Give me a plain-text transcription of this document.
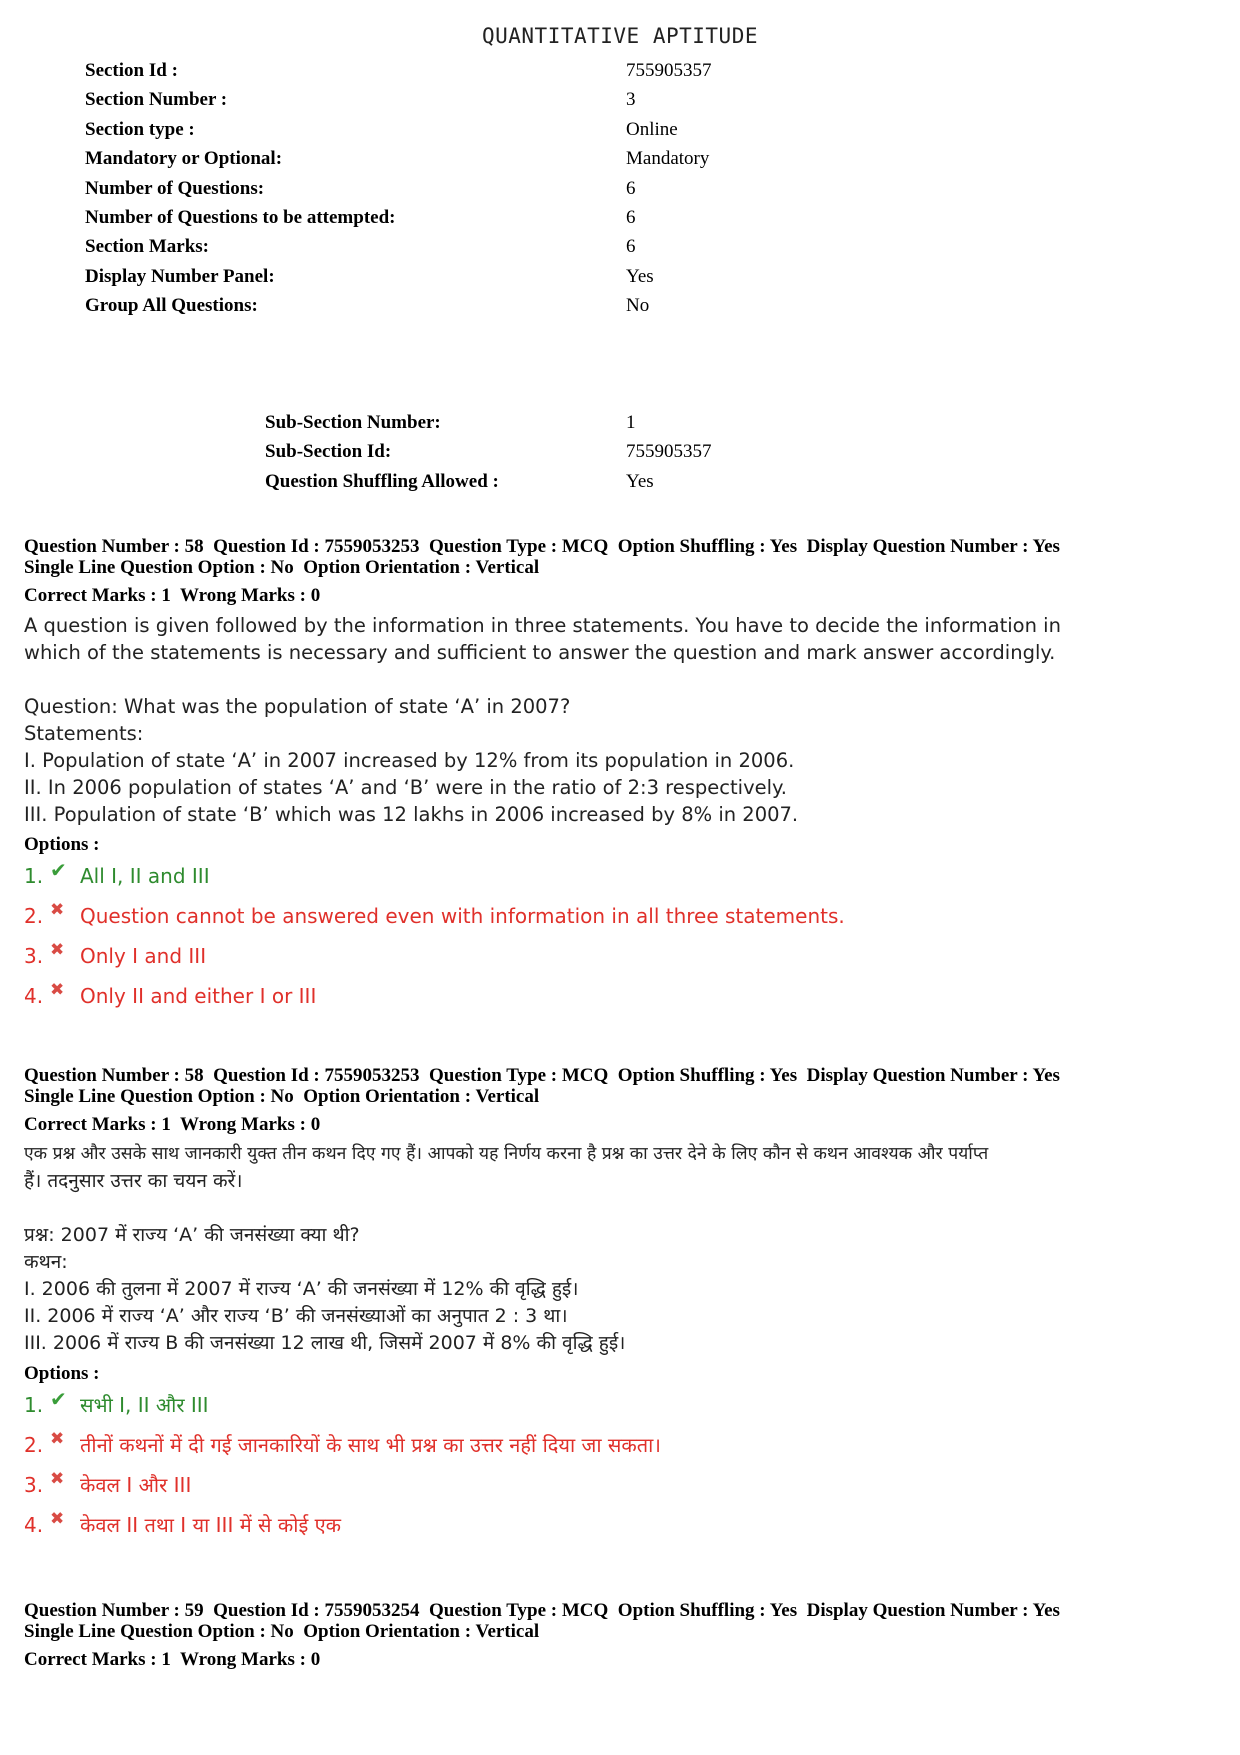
QUANTITATIVE APTITUDE
Section Id :	755905357
Section Number :	3
Section type :	Online
Mandatory or Optional:	Mandatory
Number of Questions:	6
Number of Questions to be attempted:	6
Section Marks:	6
Display Number Panel:	Yes
Group All Questions:	No
Sub-Section Number:	1
Sub-Section Id:	755905357
Question Shuffling Allowed :	Yes
Question Number : 58  Question Id : 7559053253  Question Type : MCQ  Option Shuffling : Yes  Display Question Number : Yes
Single Line Question Option : No  Option Orientation : Vertical
Correct Marks : 1  Wrong Marks : 0
A question is given followed by the information in three statements. You have to decide the information in
which of the statements is necessary and sufficient to answer the question and mark answer accordingly.
Question: What was the population of state ‘A’ in 2007?
Statements:
I. Population of state ‘A’ in 2007 increased by 12% from its population in 2006.
II. In 2006 population of states ‘A’ and ‘B’ were in the ratio of 2:3 respectively.
III. Population of state ‘B’ which was 12 lakhs in 2006 increased by 8% in 2007.
Options :
1. ✔ All I, II and III
2. ✖ Question cannot be answered even with information in all three statements.
3. ✖ Only I and III
4. ✖ Only II and either I or III
Question Number : 58  Question Id : 7559053253  Question Type : MCQ  Option Shuffling : Yes  Display Question Number : Yes
Single Line Question Option : No  Option Orientation : Vertical
Correct Marks : 1  Wrong Marks : 0
एक प्रश्न और उसके साथ जानकारी युक्त तीन कथन दिए गए हैं। आपको यह निर्णय करना है प्रश्न का उत्तर देने के लिए कौन से कथन आवश्यक और पर्याप्त
हैं। तदनुसार उत्तर का चयन करें।
प्रश्न: 2007 में राज्य ‘A’ की जनसंख्या क्या थी?
कथन:
I. 2006 की तुलना में 2007 में राज्य ‘A’ की जनसंख्या में 12% की वृद्धि हुई।
II. 2006 में राज्य ‘A’ और राज्य ‘B’ की जनसंख्याओं का अनुपात 2 : 3 था।
III. 2006 में राज्य B की जनसंख्या 12 लाख थी, जिसमें 2007 में 8% की वृद्धि हुई।
Options :
1. ✔ सभी I, II और III
2. ✖ तीनों कथनों में दी गई जानकारियों के साथ भी प्रश्न का उत्तर नहीं दिया जा सकता।
3. ✖ केवल I और III
4. ✖ केवल II तथा I या III में से कोई एक
Question Number : 59  Question Id : 7559053254  Question Type : MCQ  Option Shuffling : Yes  Display Question Number : Yes
Single Line Question Option : No  Option Orientation : Vertical
Correct Marks : 1  Wrong Marks : 0
